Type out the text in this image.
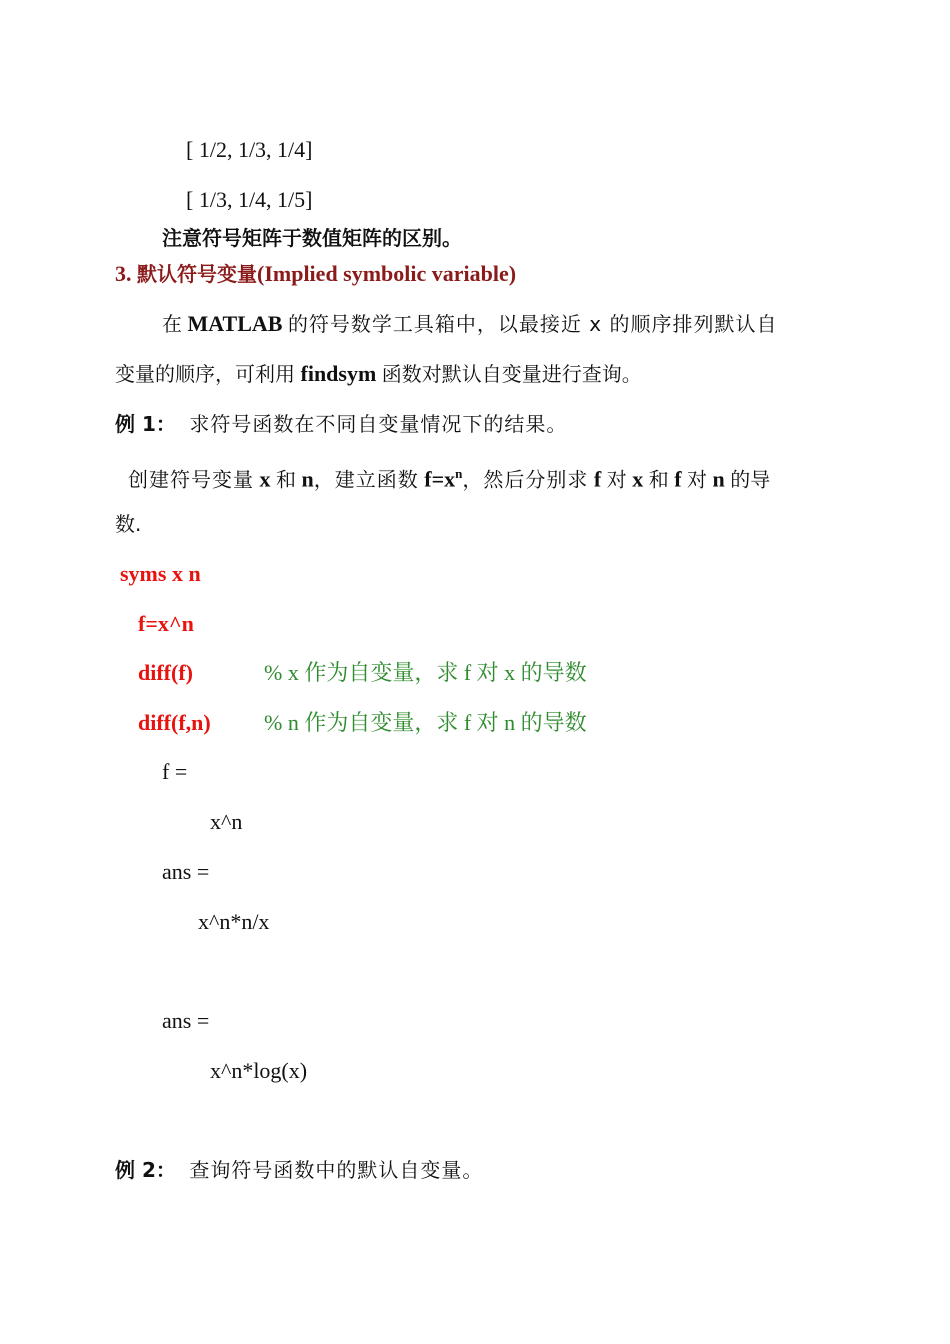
[ 1/2, 1/3, 1/4]
[ 1/3, 1/4, 1/5]
注意符号矩阵于数值矩阵的区别。
3. 默认符号变量(Implied symbolic variable)
在 MATLAB 的符号数学工具箱中，以最接近 x 的顺序排列默认自
变量的顺序，可利用 findsym 函数对默认自变量进行查询。
例 1： 求符号函数在不同自变量情况下的结果。
创建符号变量 x 和 n，建立函数 $f=x^n$，然后分别求 f 对 x 和 f 对 n 的导
数.
syms x n
f=x^n
diff(f)	% x 作为自变量，求 f 对 x 的导数
diff(f,n) % n 作为自变量，求 f 对 n 的导数
f =
x^n
ans =
x^n*n/x
ans =
x^n*log(x)
例 2： 查询符号函数中的默认自变量。
